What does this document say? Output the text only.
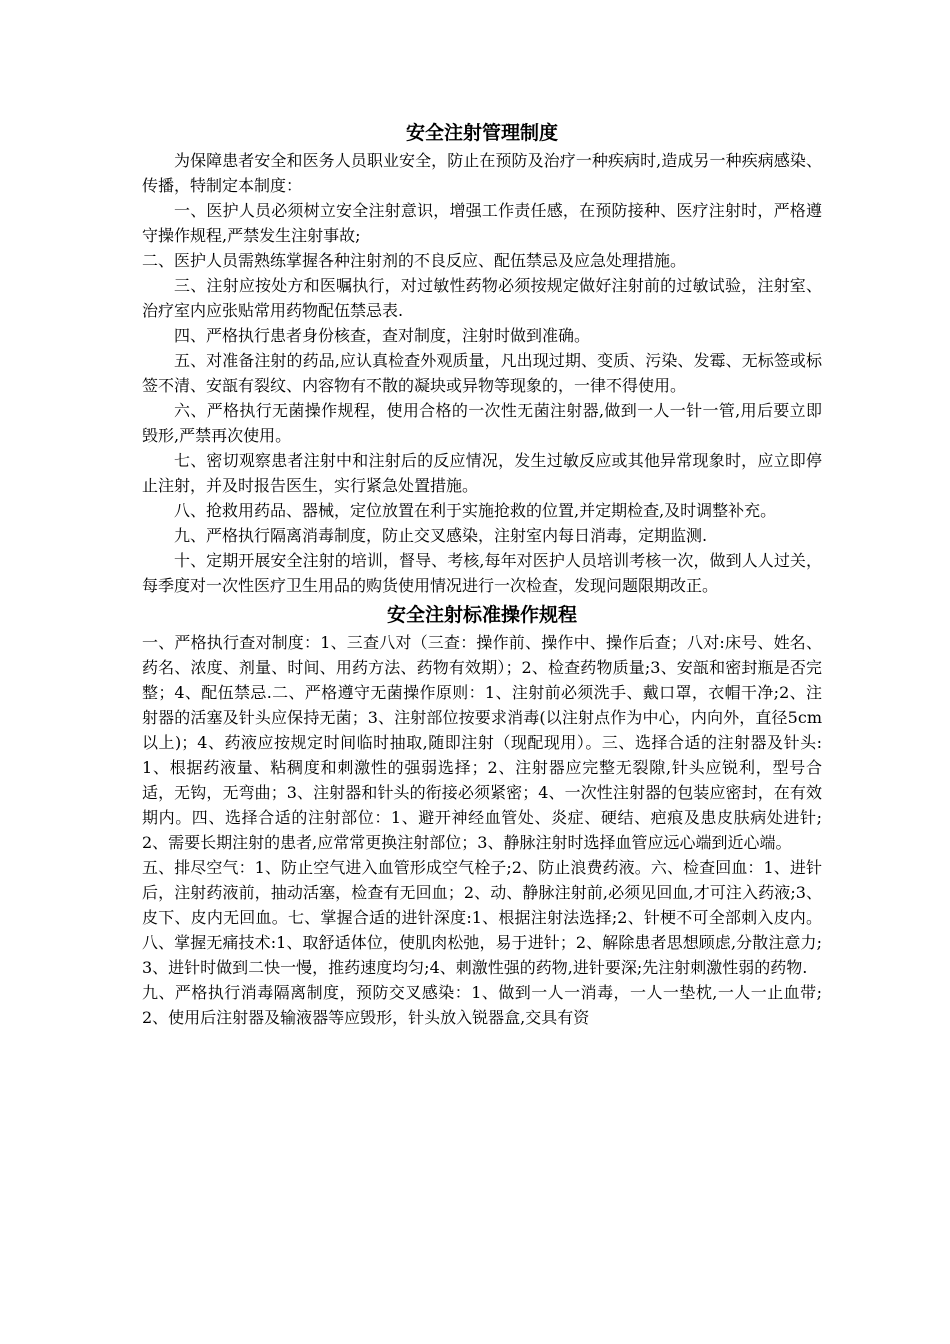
安全注射管理制度

为保障患者安全和医务人员职业安全，防止在预防及治疗一种疾病时,造成另一种疾病感染、传播，特制定本制度：

一、医护人员必须树立安全注射意识，增强工作责任感，在预防接种、医疗注射时，严格遵守操作规程,严禁发生注射事故;

二、医护人员需熟练掌握各种注射剂的不良反应、配伍禁忌及应急处理措施。

三、注射应按处方和医嘱执行，对过敏性药物必须按规定做好注射前的过敏试验，注射室、治疗室内应张贴常用药物配伍禁忌表.

四、严格执行患者身份核查，查对制度，注射时做到准确。

五、对准备注射的药品,应认真检查外观质量，凡出现过期、变质、污染、发霉、无标签或标签不清、安瓿有裂纹、内容物有不散的凝块或异物等现象的，一律不得使用。

六、严格执行无菌操作规程，使用合格的一次性无菌注射器,做到一人一针一管,用后要立即毁形,严禁再次使用。

七、密切观察患者注射中和注射后的反应情况，发生过敏反应或其他异常现象时，应立即停止注射，并及时报告医生，实行紧急处置措施。

八、抢救用药品、器械，定位放置在利于实施抢救的位置,并定期检查,及时调整补充。

九、严格执行隔离消毒制度，防止交叉感染，注射室内每日消毒，定期监测.

十、定期开展安全注射的培训，督导、考核,每年对医护人员培训考核一次，做到人人过关，每季度对一次性医疗卫生用品的购货使用情况进行一次检查，发现问题限期改正。

安全注射标准操作规程

一、严格执行查对制度：1、三查八对（三查：操作前、操作中、操作后查；八对:床号、姓名、药名、浓度、剂量、时间、用药方法、药物有效期）；2、检查药物质量;3、安瓿和密封瓶是否完整；4、配伍禁忌.二、严格遵守无菌操作原则：1、注射前必须洗手、戴口罩，衣帽干净;2、注射器的活塞及针头应保持无菌；3、注射部位按要求消毒(以注射点作为中心，内向外，直径5cm以上)；4、药液应按规定时间临时抽取,随即注射（现配现用）。三、选择合适的注射器及针头:1、根据药液量、粘稠度和刺激性的强弱选择；2、注射器应完整无裂隙,针头应锐利，型号合适，无钩，无弯曲；3、注射器和针头的衔接必须紧密；4、一次性注射器的包装应密封，在有效期内。四、选择合适的注射部位：1、避开神经血管处、炎症、硬结、疤痕及患皮肤病处进针;2、需要长期注射的患者,应常常更换注射部位；3、静脉注射时选择血管应远心端到近心端。

五、排尽空气：1、防止空气进入血管形成空气栓子;2、防止浪费药液。六、检查回血：1、进针后，注射药液前，抽动活塞，检查有无回血；2、动、静脉注射前,必须见回血,才可注入药液;3、皮下、皮内无回血。七、掌握合适的进针深度:1、根据注射法选择;2、针梗不可全部刺入皮内。八、掌握无痛技术:1、取舒适体位，使肌肉松弛，易于进针；2、解除患者思想顾虑,分散注意力;3、进针时做到二快一慢，推药速度均匀;4、刺激性强的药物,进针要深;先注射刺激性弱的药物.

九、严格执行消毒隔离制度，预防交叉感染：1、做到一人一消毒，一人一垫枕,一人一止血带;2、使用后注射器及输液器等应毁形，针头放入锐器盒,交具有资
